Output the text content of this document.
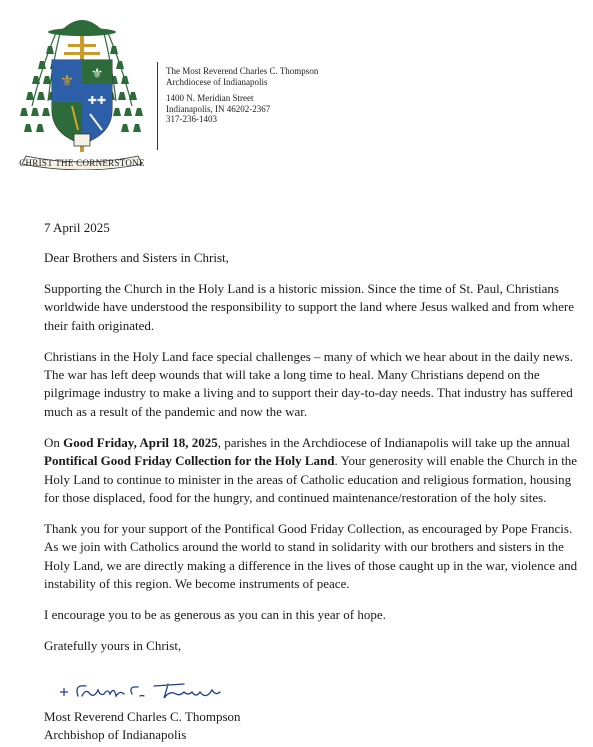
⚜ ⚜
✚✚
CHRIST THE CORNERSTONE
The Most Reverend Charles C. Thompson
Archdiocese of Indianapolis
1400 N. Meridian Street
Indianapolis, IN 46202-2367
317-236-1403

7 April 2025

Dear Brothers and Sisters in Christ,

Supporting the Church in the Holy Land is a historic mission. Since the time of St. Paul, Christians worldwide have understood the responsibility to support the land where Jesus walked and from where their faith originated.

Christians in the Holy Land face special challenges – many of which we hear about in the daily news. The war has left deep wounds that will take a long time to heal. Many Christians depend on the pilgrimage industry to make a living and to support their day-to-day needs. That industry has suffered much as a result of the pandemic and now the war.

On Good Friday, April 18, 2025, parishes in the Archdiocese of Indianapolis will take up the annual Pontifical Good Friday Collection for the Holy Land. Your generosity will enable the Church in the Holy Land to continue to minister in the areas of Catholic education and religious formation, housing for those displaced, food for the hungry, and continued maintenance/restoration of the holy sites.

Thank you for your support of the Pontifical Good Friday Collection, as encouraged by Pope Francis. As we join with Catholics around the world to stand in solidarity with our brothers and sisters in the Holy Land, we are directly making a difference in the lives of those caught up in the war, violence and instability of this region. We become instruments of peace.

I encourage you to be as generous as you can in this year of hope.

Gratefully yours in Christ,

Most Reverend Charles C. Thompson
Archbishop of Indianapolis
